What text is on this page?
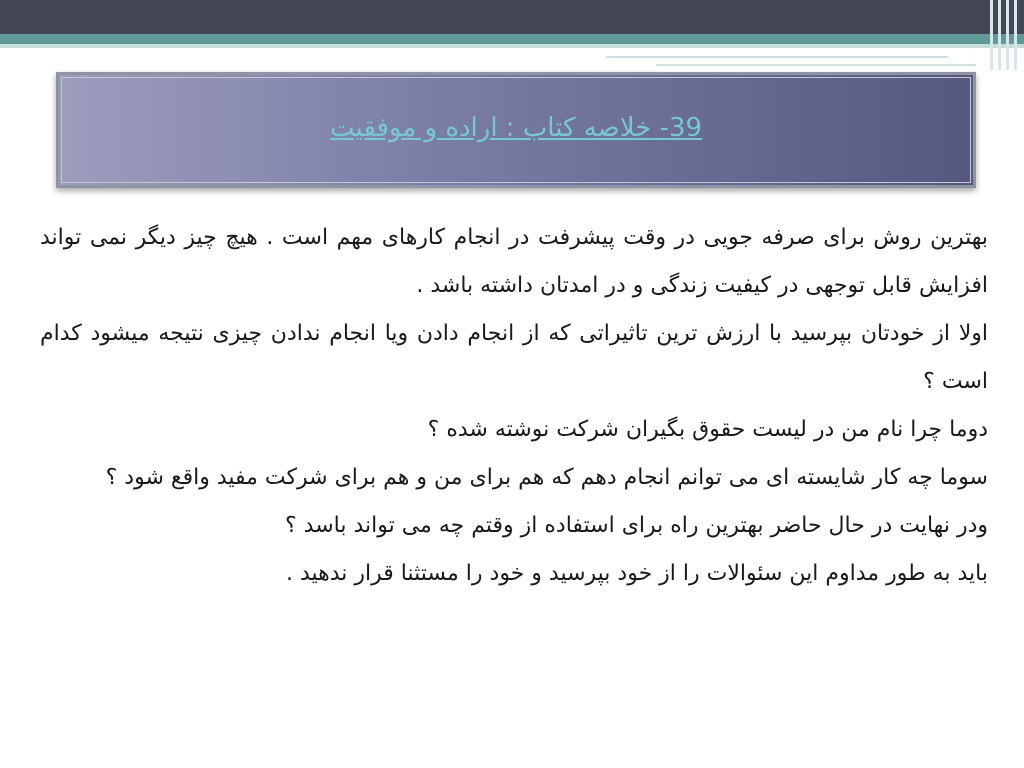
39- خلاصه کتاب : اراده و موفقیت

بهترین روش برای صرفه جویی در وقت پیشرفت در انجام کارهای مهم است . هیچ چیز دیگر نمی تواند افزایش قابل توجهی در کیفیت زندگی و در امدتان داشته باشد .

اولا از خودتان بپرسید با ارزش ترین تاثیراتی که از انجام دادن ویا انجام ندادن چیزی نتیجه میشود کدام است ؟

دوما چرا نام من در لیست حقوق بگیران شرکت نوشته شده ؟

سوما چه کار شایسته ای می توانم انجام دهم که هم برای من و هم برای شرکت مفید واقع شود ؟

ودر نهایت در حال حاضر بهترین راه برای استفاده از وقتم چه می تواند باسد ؟

باید به طور مداوم این سئوالات را از خود بپرسید و خود را مستثنا قرار ندهید .
